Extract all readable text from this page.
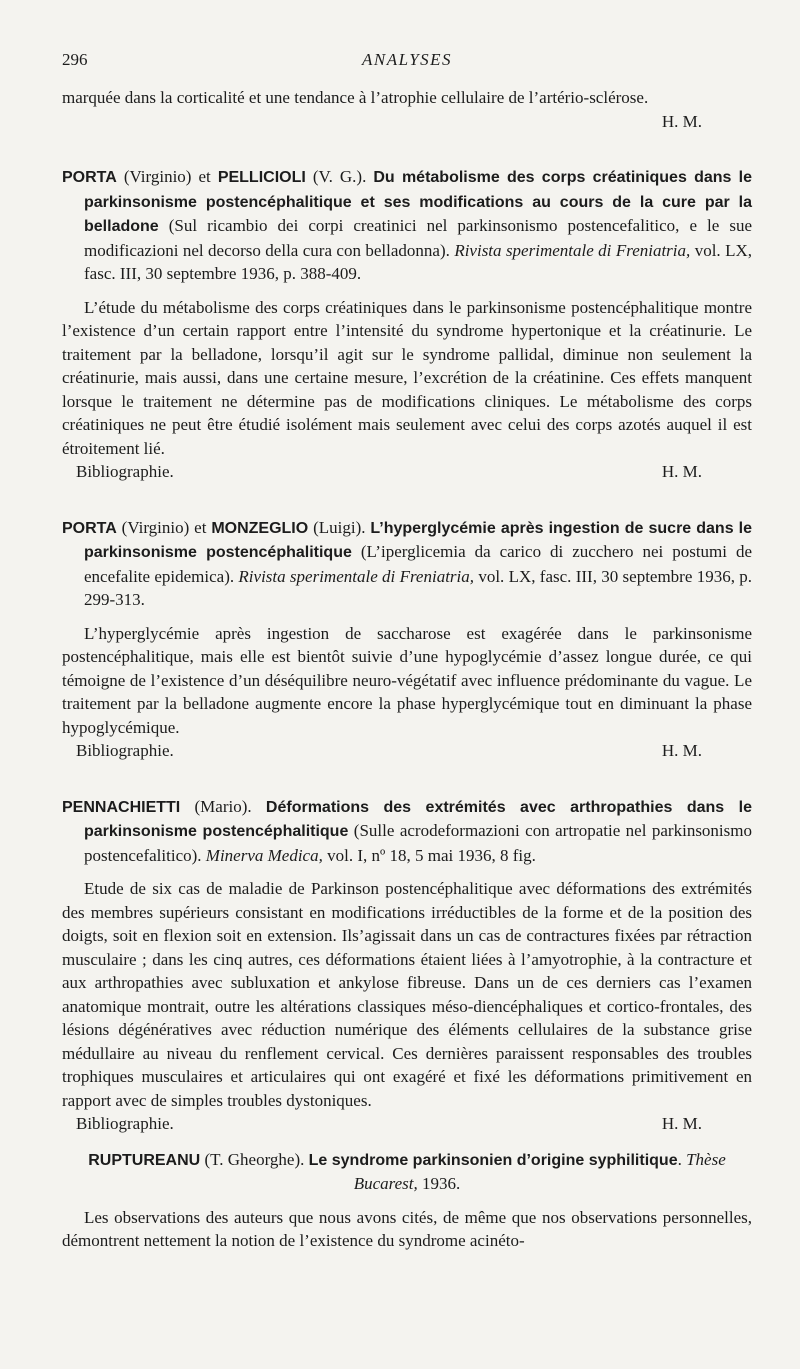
296	ANALYSES

marquée dans la corticalité et une tendance à l’atrophie cellulaire de l’artério-sclérose.

H. M.
PORTA (Virginio) et PELLICIOLI (V. G.). Du métabolisme des corps créatiniques dans le parkinsonisme postencéphalitique et ses modifications au cours de la cure par la belladone (Sul ricambio dei corpi creatinici nel parkinsonismo postencefalitico, e le sue modificazioni nel decorso della cura con belladonna). Rivista sperimentale di Freniatria, vol. LX, fasc. III, 30 septembre 1936, p. 388-409.

L’étude du métabolisme des corps créatiniques dans le parkinsonisme postencéphalitique montre l’existence d’un certain rapport entre l’intensité du syndrome hypertonique et la créatinurie. Le traitement par la belladone, lorsqu’il agit sur le syndrome pallidal, diminue non seulement la créatinurie, mais aussi, dans une certaine mesure, l’excrétion de la créatinine. Ces effets manquent lorsque le traitement ne détermine pas de modifications cliniques. Le métabolisme des corps créatiniques ne peut être étudié isolément mais seulement avec celui des corps azotés auquel il est étroitement lié.

Bibliographie.	H. M.
PORTA (Virginio) et MONZEGLIO (Luigi). L’hyperglycémie après ingestion de sucre dans le parkinsonisme postencéphalitique (L’iperglicemia da carico di zucchero nei postumi de encefalite epidemica). Rivista sperimentale di Freniatria, vol. LX, fasc. III, 30 septembre 1936, p. 299-313.

L’hyperglycémie après ingestion de saccharose est exagérée dans le parkinsonisme postencéphalitique, mais elle est bientôt suivie d’une hypoglycémie d’assez longue durée, ce qui témoigne de l’existence d’un déséquilibre neuro-végétatif avec influence prédominante du vague. Le traitement par la belladone augmente encore la phase hyperglycémique tout en diminuant la phase hypoglycémique.

Bibliographie.	H. M.
PENNACHIETTI (Mario). Déformations des extrémités avec arthropathies dans le parkinsonisme postencéphalitique (Sulle acrodeformazioni con artropatie nel parkinsonismo postencefalitico). Minerva Medica, vol. I, nº 18, 5 mai 1936, 8 fig.

Etude de six cas de maladie de Parkinson postencéphalitique avec déformations des extrémités des membres supérieurs consistant en modifications irréductibles de la forme et de la position des doigts, soit en flexion soit en extension. Ils’agissait dans un cas de contractures fixées par rétraction musculaire ; dans les cinq autres, ces déformations étaient liées à l’amyotrophie, à la contracture et aux arthropathies avec subluxation et ankylose fibreuse. Dans un de ces derniers cas l’examen anatomique montrait, outre les altérations classiques méso-diencéphaliques et cortico-frontales, des lésions dégénératives avec réduction numérique des éléments cellulaires de la substance grise médullaire au niveau du renflement cervical. Ces dernières paraissent responsables des troubles trophiques musculaires et articulaires qui ont exagéré et fixé les déformations primitivement en rapport avec de simples troubles dystoniques.

Bibliographie.	H. M.
RUPTUREANU (T. Gheorghe). Le syndrome parkinsonien d’origine syphilitique. Thèse Bucarest, 1936.

Les observations des auteurs que nous avons cités, de même que nos observations personnelles, démontrent nettement la notion de l’existence du syndrome acinéto-
